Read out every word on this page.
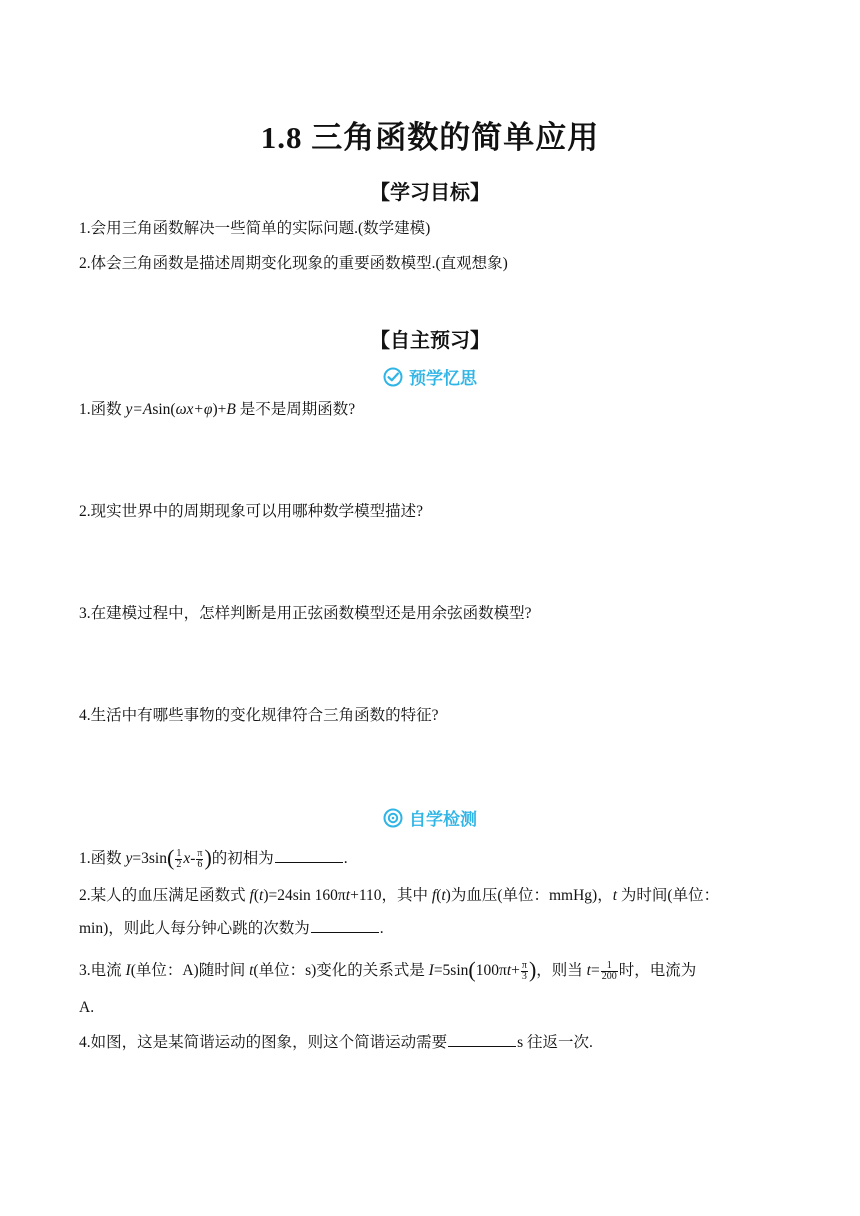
1.8 三角函数的简单应用
【学习目标】
1.会用三角函数解决一些简单的实际问题.(数学建模)
2.体会三角函数是描述周期变化现象的重要函数模型.(直观想象)
【自主预习】
预学忆思
1.函数 y=Asin(ωx+φ)+B 是不是周期函数?
2.现实世界中的周期现象可以用哪种数学模型描述?
3.在建模过程中，怎样判断是用正弦函数模型还是用余弦函数模型?
4.生活中有哪些事物的变化规律符合三角函数的特征?
自学检测
1.函数 $y=3\sin( \frac{1}{2} x- \frac{\pi}{6}$ )的初相为	.
2.某人的血压满足函数式 f(t)=24sin 160πt+110，其中 f(t)为血压(单位：mmHg)，t 为时间(单位：
min)，则此人每分钟心跳的次数为	.
3.电流 I(单位：A)随时间 t(单位：s)变化的关系式是 $I=5\sin(100\pi t+ \frac{\pi}{3}$ )，则当 $t= \frac{1}{200}$ 时，电流为
A.
4.如图，这是某简谐运动的图象，则这个简谐运动需要	s 往返一次.
